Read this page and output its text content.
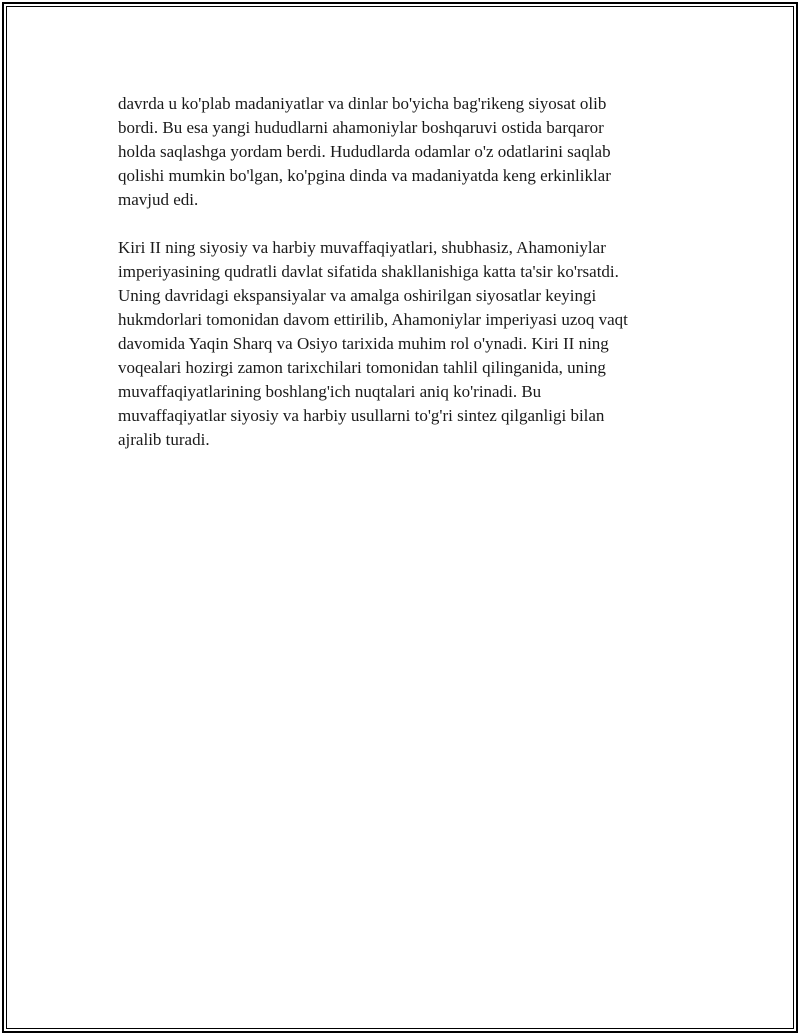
davrda u ko'plab madaniyatlar va dinlar bo'yicha bag'rikeng siyosat olib
bordi. Bu esa yangi hududlarni ahamoniylar boshqaruvi ostida barqaror
holda saqlashga yordam berdi. Hududlarda odamlar o'z odatlarini saqlab
qolishi mumkin bo'lgan, ko'pgina dinda va madaniyatda keng erkinliklar
mavjud edi.

Kiri II ning siyosiy va harbiy muvaffaqiyatlari, shubhasiz, Ahamoniylar
imperiyasining qudratli davlat sifatida shakllanishiga katta ta'sir ko'rsatdi.
Uning davridagi ekspansiyalar va amalga oshirilgan siyosatlar keyingi
hukmdorlari tomonidan davom ettirilib, Ahamoniylar imperiyasi uzoq vaqt
davomida Yaqin Sharq va Osiyo tarixida muhim rol o'ynadi. Kiri II ning
voqealari hozirgi zamon tarixchilari tomonidan tahlil qilinganida, uning
muvaffaqiyatlarining boshlang'ich nuqtalari aniq ko'rinadi. Bu
muvaffaqiyatlar siyosiy va harbiy usullarni to'g'ri sintez qilganligi bilan
ajralib turadi.
